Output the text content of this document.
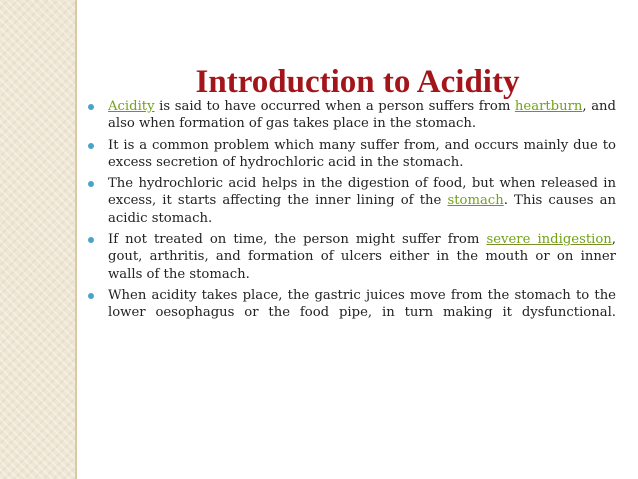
Introduction to Acidity
Acidity is said to have occurred when a person suffers from heartburn, and also when formation of gas takes place in the stomach.
It is a common problem which many suffer from, and occurs mainly due to excess secretion of hydrochloric acid in the stomach.
The hydrochloric acid helps in the digestion of food, but when released in excess, it starts affecting the inner lining of the stomach. This causes an acidic stomach.
If not treated on time, the person might suffer from severe indigestion, gout, arthritis, and formation of ulcers either in the mouth or on inner walls of the stomach.
When acidity takes place, the gastric juices move from the stomach to the lower oesophagus or the food pipe, in turn making it dysfunctional.
